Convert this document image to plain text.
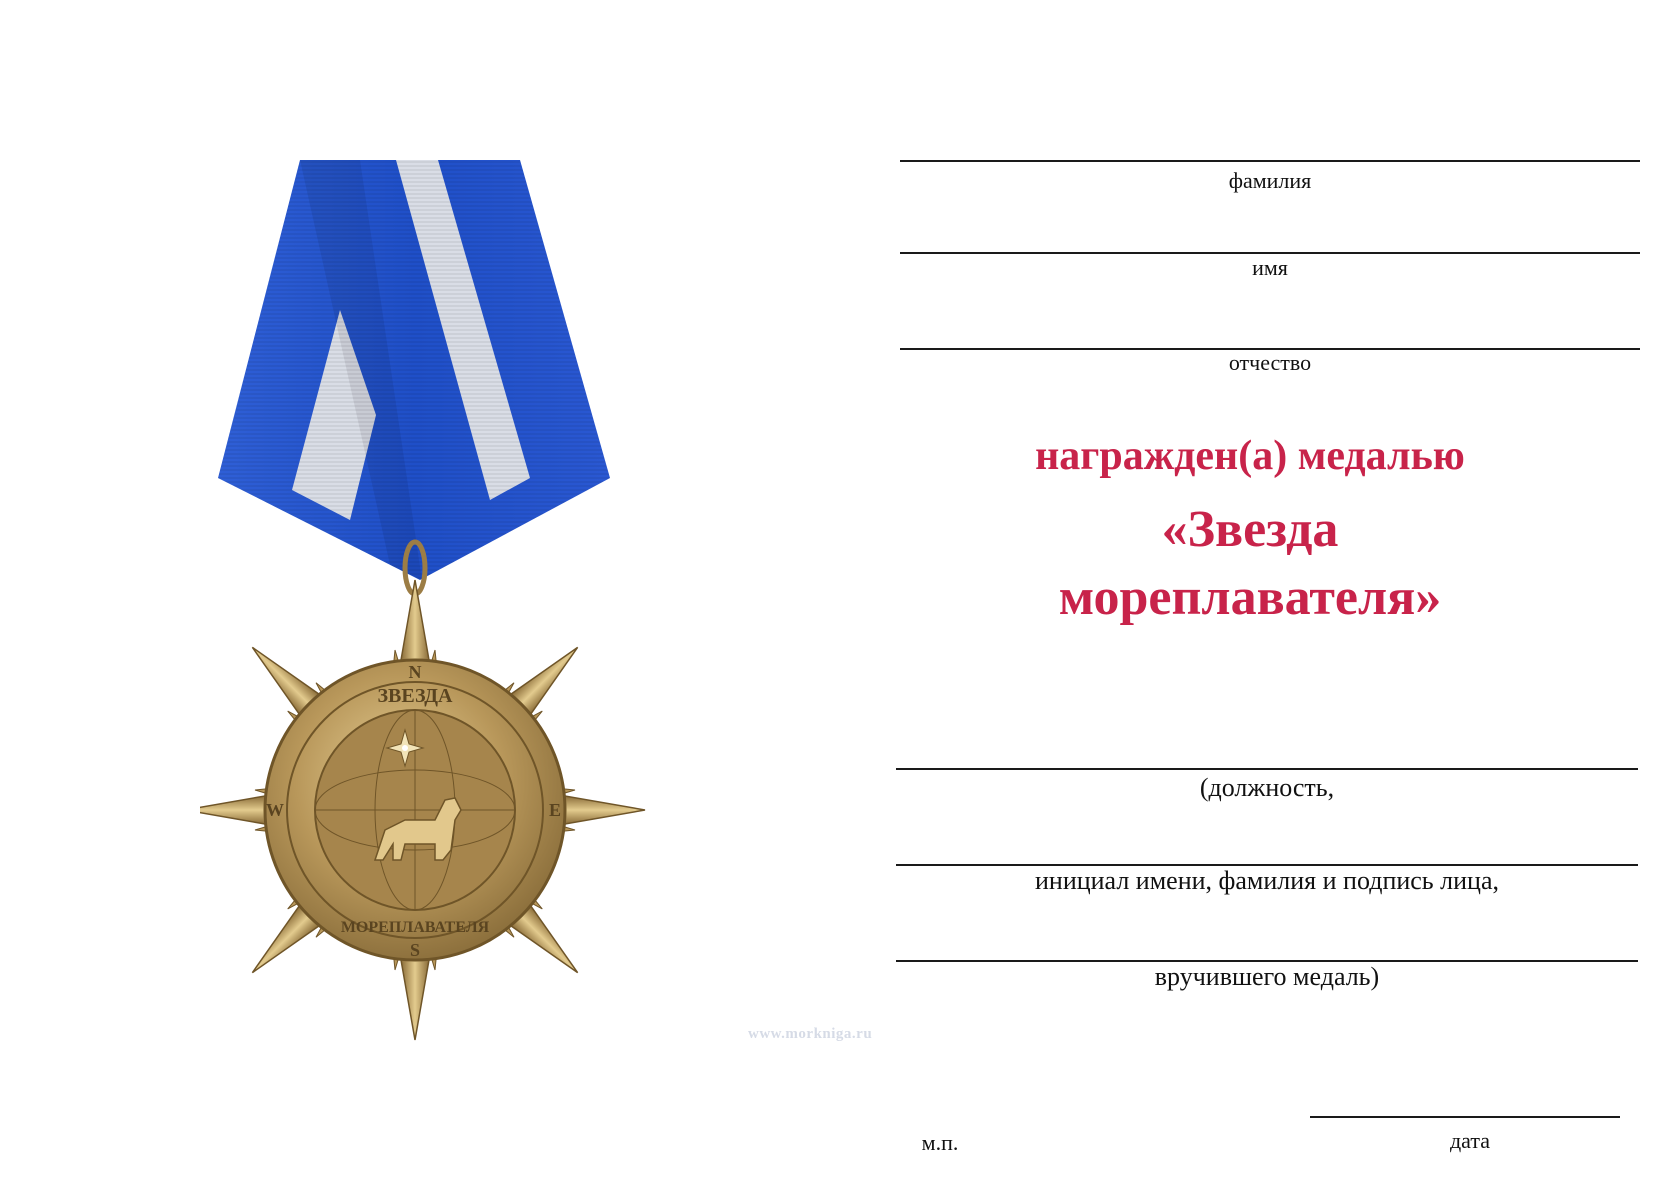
ЗВЕЗДА
МОРЕПЛАВАТЕЛЯ
N
S
W	E
www.morkniga.ru
фамилия
имя
отчество
награжден(а) медалью
«Звезда
мореплавателя»
(должность,
инициал имени, фамилия и подпись лица,
вручившего медаль)
м.п.	дата
